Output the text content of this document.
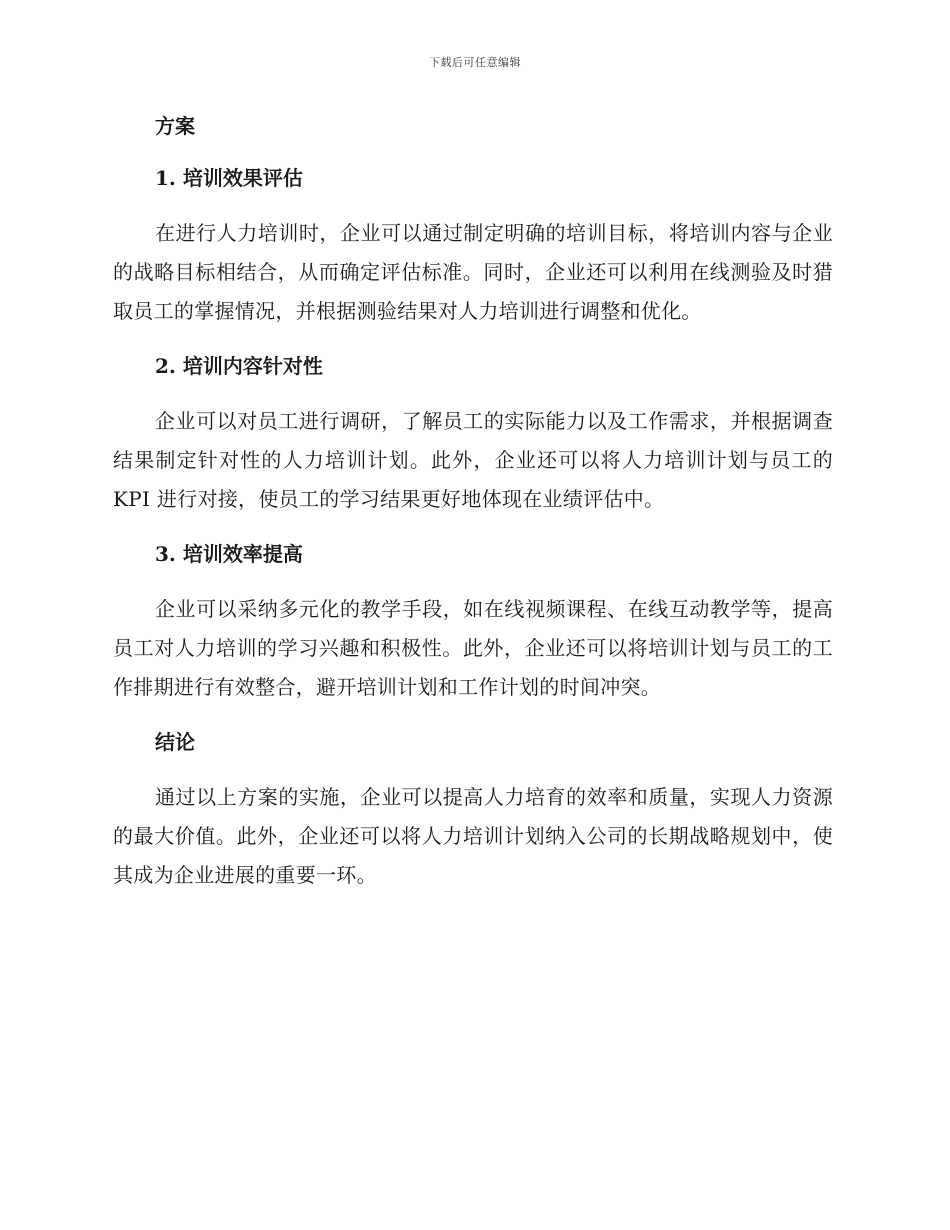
下载后可任意编辑
方案
1. 培训效果评估

在进行人力培训时，企业可以通过制定明确的培训目标，将培训内容与企业的战略目标相结合，从而确定评估标准。同时，企业还可以利用在线测验及时猎取员工的掌握情况，并根据测验结果对人力培训进行调整和优化。

2. 培训内容针对性

企业可以对员工进行调研，了解员工的实际能力以及工作需求，并根据调查结果制定针对性的人力培训计划。此外，企业还可以将人力培训计划与员工的 KPI 进行对接，使员工的学习结果更好地体现在业绩评估中。

3. 培训效率提高

企业可以采纳多元化的教学手段，如在线视频课程、在线互动教学等，提高员工对人力培训的学习兴趣和积极性。此外，企业还可以将培训计划与员工的工作排期进行有效整合，避开培训计划和工作计划的时间冲突。

结论

通过以上方案的实施，企业可以提高人力培育的效率和质量，实现人力资源的最大价值。此外，企业还可以将人力培训计划纳入公司的长期战略规划中，使其成为企业进展的重要一环。
